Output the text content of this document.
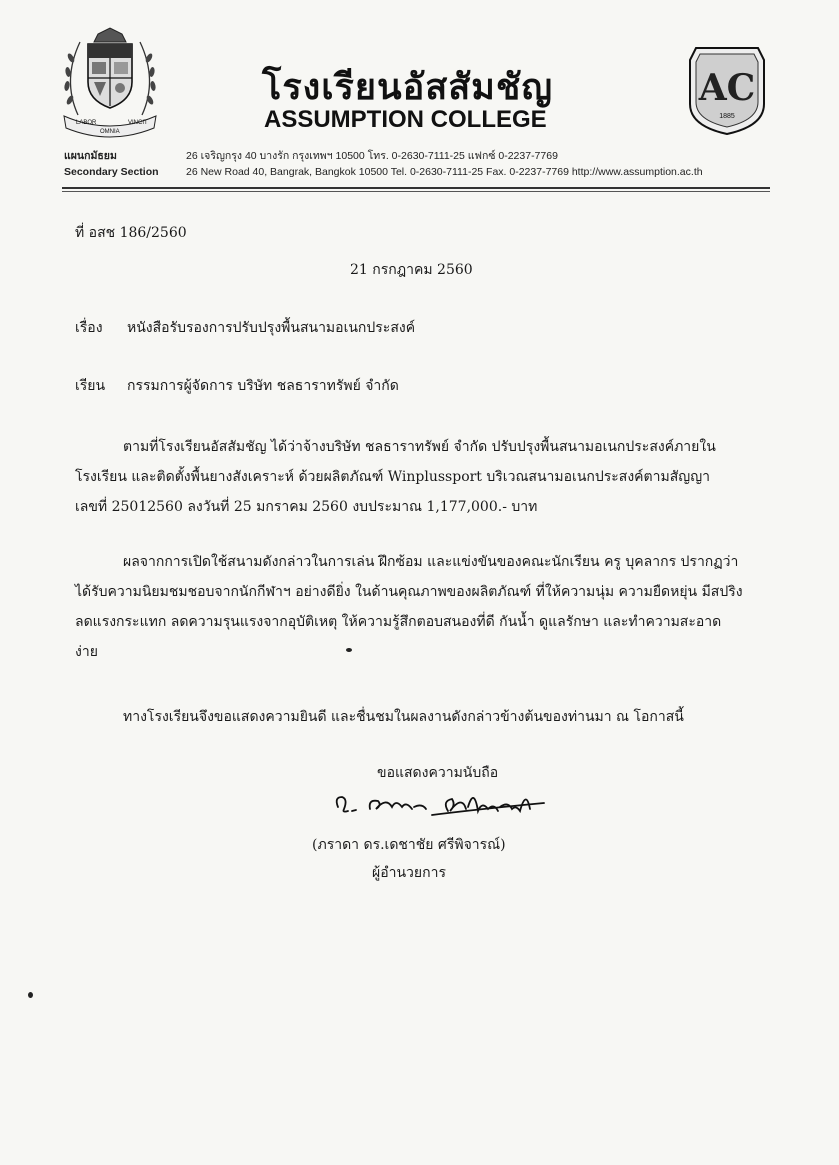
LABOR
OMNIA
VINCIT
โรงเรียนอัสสัมชัญ
ASSUMPTION COLLEGE
AC
1885
แผนกมัธยม	26 เจริญกรุง 40 บางรัก กรุงเทพฯ 10500 โทร. 0-2630-7111-25 แฟกซ์ 0-2237-7769
Secondary Section	26 New Road 40, Bangrak, Bangkok 10500 Tel. 0-2630-7111-25 Fax. 0-2237-7769 http://www.assumption.ac.th
ที่ อสช 186/2560
21 กรกฎาคม 2560
เรื่อง หนังสือรับรองการปรับปรุงพื้นสนามอเนกประสงค์
เรียน กรรมการผู้จัดการ บริษัท ชลธาราทรัพย์ จำกัด
ตามที่โรงเรียนอัสสัมชัญ ได้ว่าจ้างบริษัท ชลธาราทรัพย์ จำกัด ปรับปรุงพื้นสนามอเนกประสงค์ภายใน
โรงเรียน และติดตั้งพื้นยางสังเคราะห์ ด้วยผลิตภัณฑ์ Winplussport บริเวณสนามอเนกประสงค์ตามสัญญา
เลขที่ 25012560 ลงวันที่ 25 มกราคม 2560 งบประมาณ 1,177,000.- บาท
ผลจากการเปิดใช้สนามดังกล่าวในการเล่น ฝึกซ้อม และแข่งขันของคณะนักเรียน ครู บุคลากร ปรากฏว่า
ได้รับความนิยมชมชอบจากนักกีฬาฯ อย่างดียิ่ง ในด้านคุณภาพของผลิตภัณฑ์ ที่ให้ความนุ่ม ความยืดหยุ่น มีสปริง
ลดแรงกระแทก ลดความรุนแรงจากอุบัติเหตุ ให้ความรู้สึกตอบสนองที่ดี กันน้ำ ดูแลรักษา และทำความสะอาด
ง่าย
ทางโรงเรียนจึงขอแสดงความยินดี และชื่นชมในผลงานดังกล่าวข้างต้นของท่านมา ณ โอกาสนี้
ขอแสดงความนับถือ
(ภราดา ดร.เดชาชัย ศรีพิจารณ์)
ผู้อำนวยการ
